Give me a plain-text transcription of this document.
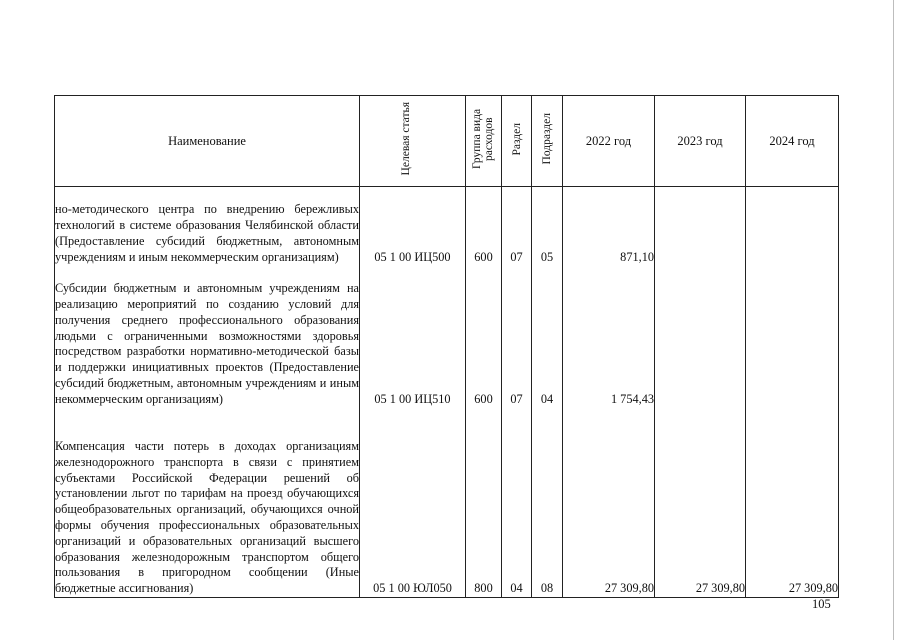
Наименование	Целевая статья	Группа вида расходов	Раздел	Подраздел	2022 год	2023 год	2024 год
но-методического центра по внедрению бережливых технологий в системе образования Челябинской области (Предоставление субсидий бюджетным, автономным учреждениям и иным некоммерческим организациям)	05 1 00 ИЦ500	600	07	05	871,10		
Субсидии бюджетным и автономным учреждениям на реализацию мероприятий по созданию условий для получения среднего профессионального образования людьми с ограниченными возможностями здоровья посредством разработки нормативно-методической базы и поддержки инициативных проектов (Предоставление субсидий бюджетным, автономным учреждениям и иным некоммерческим организациям)	05 1 00 ИЦ510	600	07	04	1 754,43		
Компенсация части потерь в доходах организациям железнодорожного транспорта в связи с принятием субъектами Российской Федерации решений об установлении льгот по тарифам на проезд обучающихся общеобразовательных организаций, обучающихся очной формы обучения профессиональных образовательных организаций и образовательных организаций высшего образования железнодорожным транспортом общего пользования в пригородном сообщении (Иные бюджетные ассигнования)	05 1 00 ЮЛ050	800	04	08	27 309,80	27 309,80	27 309,80
105
